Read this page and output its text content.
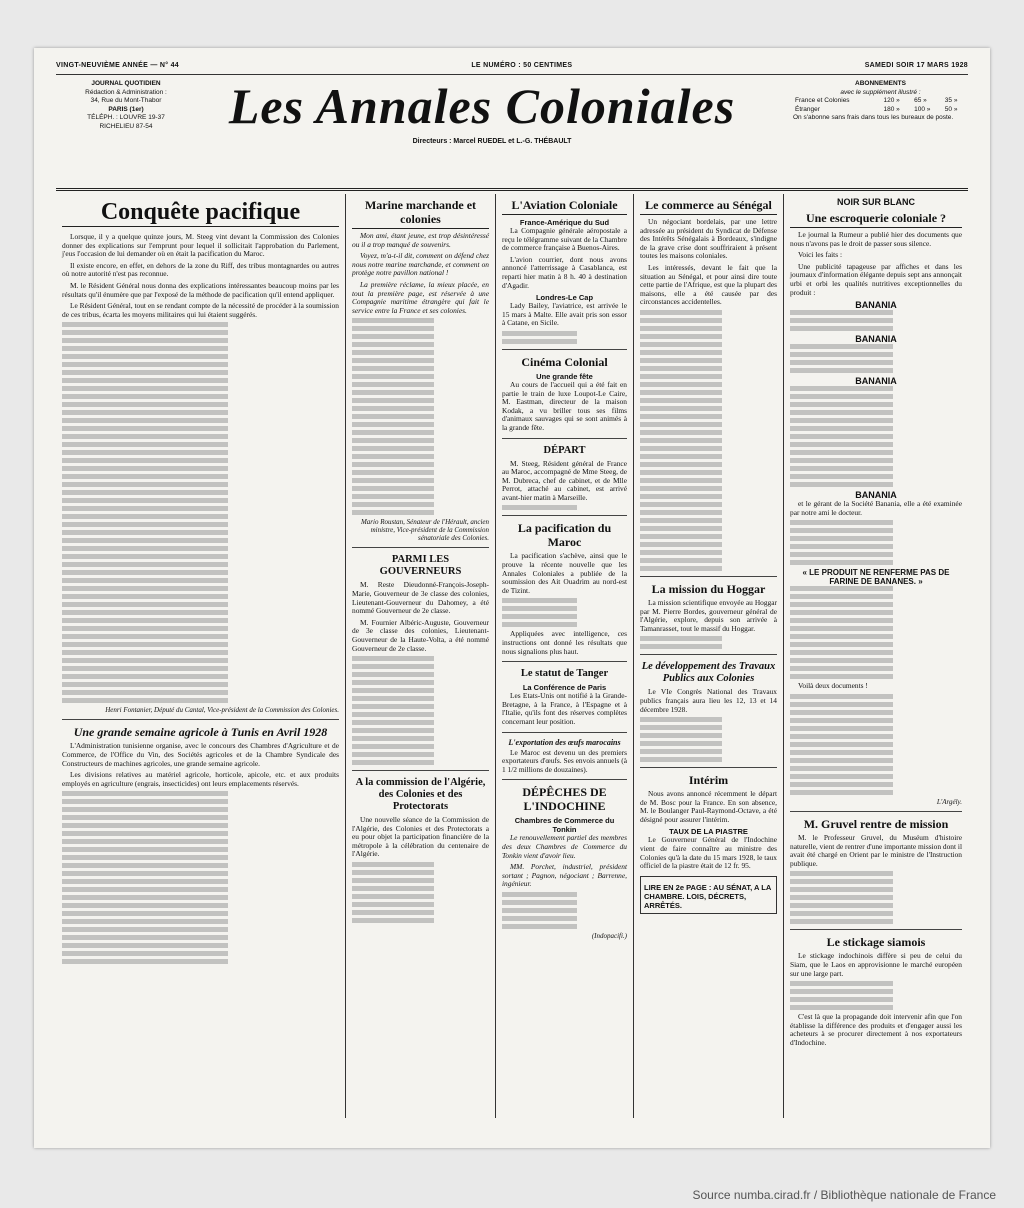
VINGT-NEUVIÈME ANNÉE — N° 44	LE NUMÉRO : 50 CENTIMES	SAMEDI SOIR 17 MARS 1928
JOURNAL QUOTIDIEN
Rédaction & Administration :
34, Rue du Mont-Thabor

PARIS (1er)
TÉLÉPH. : LOUVRE 19-37
RICHELIEU 87-54	Les Annales Coloniales
Directeurs : Marcel RUEDEL et L.-G. THÉBAULT
ABONNEMENTS
avec le supplément illustré :
France et Colonies	120 »	65 »	35 »
Étranger	180 »	100 »	50 »
On s'abonne sans frais dans tous les bureaux de poste.
Conquête pacifique

Lorsque, il y a quelque quinze jours, M. Steeg vint devant la Commission des Colonies donner des explications sur l'emprunt pour lequel il sollicitait l'approbation du Parlement, j'eus l'occasion de lui demander où en était la pacification du Maroc.

Il existe encore, en effet, en dehors de la zone du Riff, des tribus montagnardes ou autres où notre autorité n'est pas reconnue.

M. le Résident Général nous donna des explications intéressantes beaucoup moins par les résultats qu'il énumère que par l'exposé de la méthode de pacification qu'il entend appliquer.

Le Résident Général, tout en se rendant compte de la nécessité de procéder à la soumission de ces tribus, écarta les moyens militaires qui lui étaient suggérés.

Henri Fontanier, Député du Cantal, Vice-président de la Commission des Colonies.
Une grande semaine agricole à Tunis en Avril 1928

L'Administration tunisienne organise, avec le concours des Chambres d'Agriculture et de Commerce, de l'Office du Vin, des Sociétés agricoles et de la Chambre Syndicale des Constructeurs de machines agricoles, une grande semaine agricole.

Les divisions relatives au matériel agricole, horticole, apicole, etc. et aux produits employés en agriculture (engrais, insecticides) ont leurs emplacements réservés.

Marine marchande et colonies

Mon ami, étant jeune, est trop désintéressé ou il a trop manqué de souvenirs.

Voyez, m'a-t-il dit, comment on défend chez nous notre marine marchande, et comment on protège notre pavillon national !

La première réclame, la mieux placée, en tout la première page, est réservée à une Compagnie maritime étrangère qui fait le service entre la France et ses colonies.

Mario Roustan, Sénateur de l'Hérault, ancien ministre, Vice-président de la Commission sénatoriale des Colonies.
PARMI LES GOUVERNEURS

M. Reste Dieudonné-François-Joseph-Marie, Gouverneur de 3e classe des colonies, Lieutenant-Gouverneur du Dahomey, a été nommé Gouverneur de 2e classe.

M. Fournier Albéric-Auguste, Gouverneur de 3e classe des colonies, Lieutenant-Gouverneur de la Haute-Volta, a été nommé Gouverneur de 2e classe.

A la commission de l'Algérie, des Colonies et des Protectorats

Une nouvelle séance de la Commission de l'Algérie, des Colonies et des Protectorats a eu pour objet la participation financière de la métropole à la célébration du centenaire de l'Algérie.

L'Aviation Coloniale
France-Amérique du Sud

La Compagnie générale aéropostale a reçu le télégramme suivant de la Chambre de commerce française à Buenos-Aires.

L'avion courrier, dont nous avons annoncé l'atterrissage à Casablanca, est reparti hier matin à 8 h. 40 à destination d'Agadir.

Londres-Le Cap

Lady Bailey, l'aviatrice, est arrivée le 15 mars à Malte. Elle avait pris son essor à Catane, en Sicile.

Cinéma Colonial
Une grande fête

Au cours de l'accueil qui a été fait en partie le train de luxe Loupot-Le Caire, M. Eastman, directeur de la maison Kodak, a vu briller tous ses films d'animaux sauvages qui se sont animés à la grande fête.

DÉPART

M. Steeg, Résident général de France au Maroc, accompagné de Mme Steeg, de M. Dubreca, chef de cabinet, et de Mlle Perrot, attaché au cabinet, est arrivé avant-hier matin à Marseille.

La pacification du Maroc

La pacification s'achève, ainsi que le prouve la récente nouvelle que les Annales Coloniales a publiée de la soumission des Ait Ouadrim au nord-est de Tizint.

Appliquées avec intelligence, ces instructions ont donné les résultats que nous signalions plus haut.

Le statut de Tanger
La Conférence de Paris

Les Etats-Unis ont notifié à la Grande-Bretagne, à la France, à l'Espagne et à l'Italie, qu'ils font des réserves complètes concernant leur position.

L'exportation des œufs marocains

Le Maroc est devenu un des premiers exportateurs d'œufs. Ses envois annuels (à 1 1/2 millions de douzaines).

DÉPÊCHES DE L'INDOCHINE
Chambres de Commerce du Tonkin

Le renouvellement partiel des membres des deux Chambres de Commerce du Tonkin vient d'avoir lieu.

MM. Porchet, industriel, président sortant ; Pagnon, négociant ; Barrenne, ingénieur.

(Indopacifi.)
Le commerce au Sénégal

Un négociant bordelais, par une lettre adressée au président du Syndicat de Défense des Intérêts Sénégalais à Bordeaux, s'indigne de la grave crise dont souffriraient à présent toutes les maisons coloniales.

Les intéressés, devant le fait que la situation au Sénégal, et pour ainsi dire toute cette partie de l'Afrique, est que la plupart des maisons, elle a été causée par des circonstances accidentelles.

La mission du Hoggar

La mission scientifique envoyée au Hoggar par M. Pierre Bordes, gouverneur général de l'Algérie, explore, depuis son arrivée à Tamanrasset, tout le massif du Hoggar.

Le développement des Travaux Publics aux Colonies

Le VIe Congrès National des Travaux publics français aura lieu les 12, 13 et 14 décembre 1928.

Intérim

Nous avons annoncé récemment le départ de M. Bosc pour la France. En son absence, M. le Boulanger Paul-Raymond-Octave, a été désigné pour assurer l'intérim.

TAUX DE LA PIASTRE

Le Gouverneur Général de l'Indochine vient de faire connaître au ministre des Colonies qu'à la date du 15 mars 1928, le taux officiel de la piastre était de 12 fr. 95.

LIRE EN 2e PAGE : AU SÉNAT, A LA CHAMBRE. LOIS, DÉCRETS, ARRÊTÉS.
NOIR SUR BLANC
Une escroquerie coloniale ?

Le journal la Rumeur a publié hier des documents que nous n'avons pas le droit de passer sous silence.

Voici les faits :

Une publicité tapageuse par affiches et dans les journaux d'information élégante depuis sept ans annonçait urbi et orbi les qualités nutritives exceptionnelles du produit :

BANANIA
BANANIA
BANANIA
BANANIA

et le gérant de la Société Banania, elle a été examinée par notre ami le docteur.

« LE PRODUIT NE RENFERME PAS DE FARINE DE BANANES. »

Voilà deux documents !

L'Argély.
M. Gruvel rentre de mission

M. le Professeur Gruvel, du Muséum d'histoire naturelle, vient de rentrer d'une importante mission dont il avait été chargé en Orient par le ministre de l'Instruction publique.

Le stickage siamois

Le stickage indochinois diffère si peu de celui du Siam, que le Laos en approvisionne le marché européen sur une large part.

C'est là que la propagande doit intervenir afin que l'on établisse la différence des produits et d'engager aussi les acheteurs à se procurer directement à nos exportateurs d'Indochine.

Source numba.cirad.fr / Bibliothèque nationale de France
